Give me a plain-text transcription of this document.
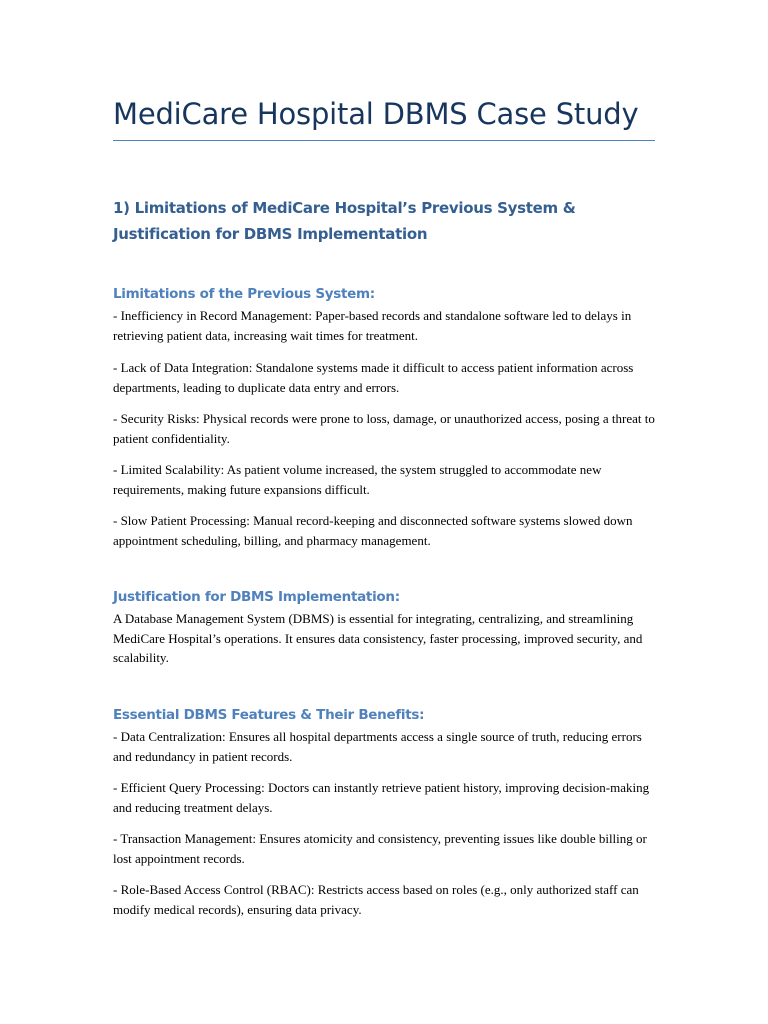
MediCare Hospital DBMS Case Study
1) Limitations of MediCare Hospital’s Previous System & Justification for DBMS Implementation
Limitations of the Previous System:

- Inefficiency in Record Management: Paper-based records and standalone software led to delays in retrieving patient data, increasing wait times for treatment.

- Lack of Data Integration: Standalone systems made it difficult to access patient information across departments, leading to duplicate data entry and errors.

- Security Risks: Physical records were prone to loss, damage, or unauthorized access, posing a threat to patient confidentiality.

- Limited Scalability: As patient volume increased, the system struggled to accommodate new requirements, making future expansions difficult.

- Slow Patient Processing: Manual record-keeping and disconnected software systems slowed down appointment scheduling, billing, and pharmacy management.

Justification for DBMS Implementation:

A Database Management System (DBMS) is essential for integrating, centralizing, and streamlining MediCare Hospital’s operations. It ensures data consistency, faster processing, improved security, and scalability.

Essential DBMS Features & Their Benefits:

- Data Centralization: Ensures all hospital departments access a single source of truth, reducing errors and redundancy in patient records.

- Efficient Query Processing: Doctors can instantly retrieve patient history, improving decision-making and reducing treatment delays.

- Transaction Management: Ensures atomicity and consistency, preventing issues like double billing or lost appointment records.

- Role-Based Access Control (RBAC): Restricts access based on roles (e.g., only authorized staff can modify medical records), ensuring data privacy.
